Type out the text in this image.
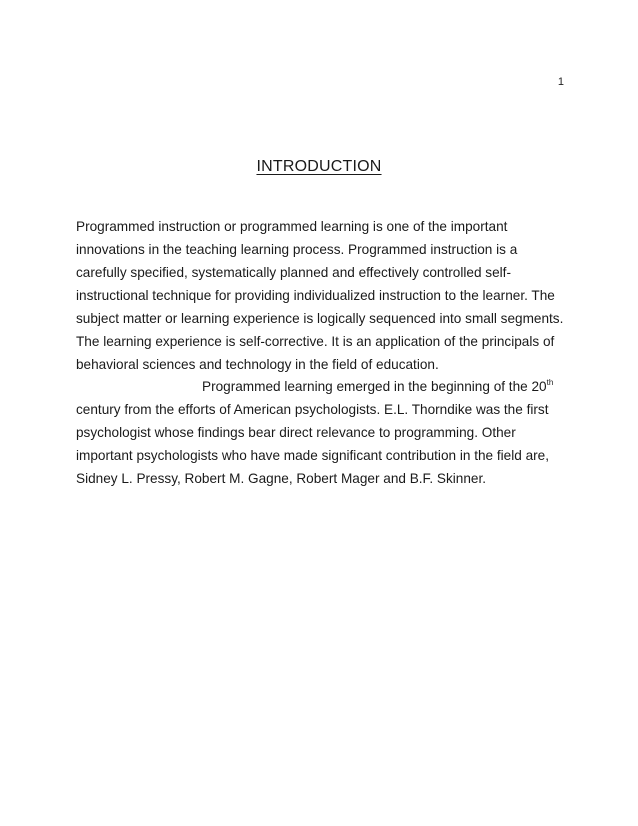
1
INTRODUCTION

Programmed instruction or programmed learning is one of the important
innovations in the teaching learning process. Programmed instruction is a
carefully specified, systematically planned and effectively controlled self-
instructional technique for providing individualized instruction to the learner. The
subject matter or learning experience is logically sequenced into small segments.
The learning experience is self-corrective. It is an application of the principals of
behavioral sciences and technology in the field of education.

Programmed learning emerged in the beginning of the 20th
century from the efforts of American psychologists. E.L. Thorndike was the first
psychologist whose findings bear direct relevance to programming. Other
important psychologists who have made significant contribution in the field are,
Sidney L. Pressy, Robert M. Gagne, Robert Mager and B.F. Skinner.
